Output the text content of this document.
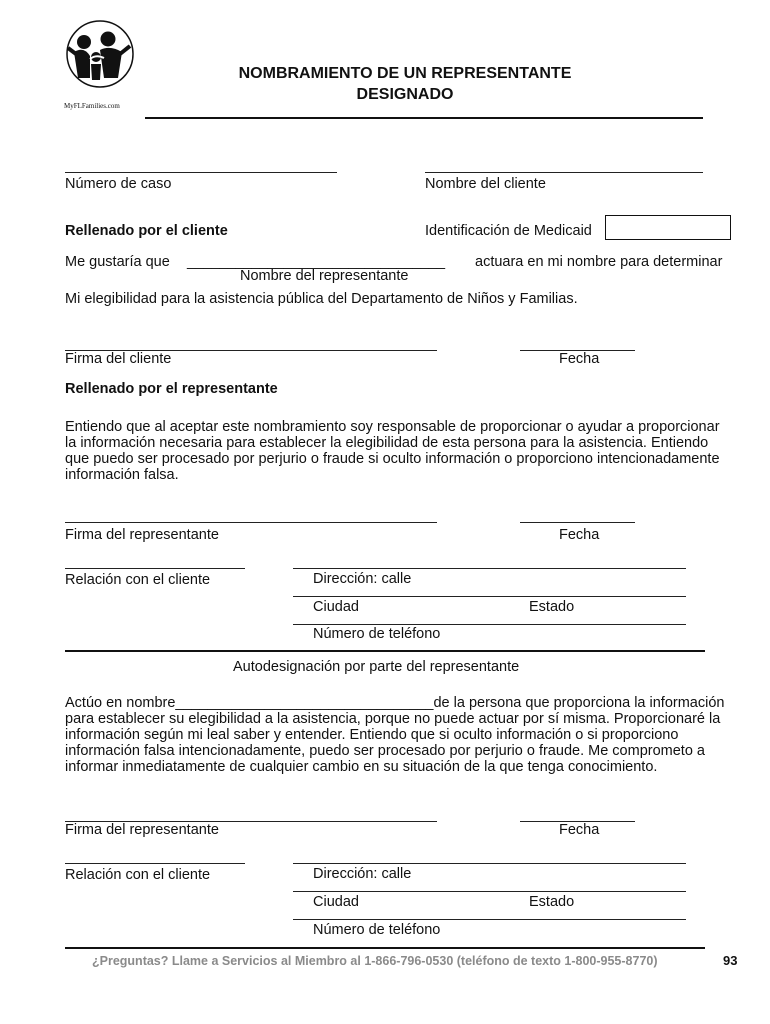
MyFLFamilies.com
NOMBRAMIENTO DE UN REPRESENTANTE
DESIGNADO
Número de caso	Nombre del cliente
Rellenado por el cliente	Identificación de Medicaid
Me gustaría que ________________________________ actuara en mi nombre para determinar
Nombre del representante
Mi elegibilidad para la asistencia pública del Departamento de Niños y Familias.
Firma del cliente	Fecha
Rellenado por el representante
Entiendo que al aceptar este nombramiento soy responsable de proporcionar o ayudar a proporcionar la información necesaria para establecer la elegibilidad de esta persona para la asistencia. Entiendo que puedo ser procesado por perjurio o fraude si oculto información o proporciono intencionadamente información falsa.
Firma del representante	Fecha
Relación con el cliente	Dirección: calle
Ciudad	Estado
Número de teléfono
Autodesignación por parte del representante
Actúo en nombre________________________________de la persona que proporciona la información para establecer su elegibilidad a la asistencia, porque no puede actuar por sí misma. Proporcionaré la información según mi leal saber y entender. Entiendo que si oculto información o si proporciono información falsa intencionadamente, puedo ser procesado por perjurio o fraude. Me comprometo a informar inmediatamente de cualquier cambio en su situación de la que tenga conocimiento.
Firma del representante	Fecha
Relación con el cliente	Dirección: calle
Ciudad	Estado
Número de teléfono
¿Preguntas? Llame a Servicios al Miembro al 1-866-796-0530 (teléfono de texto 1-800-955-8770)	93
